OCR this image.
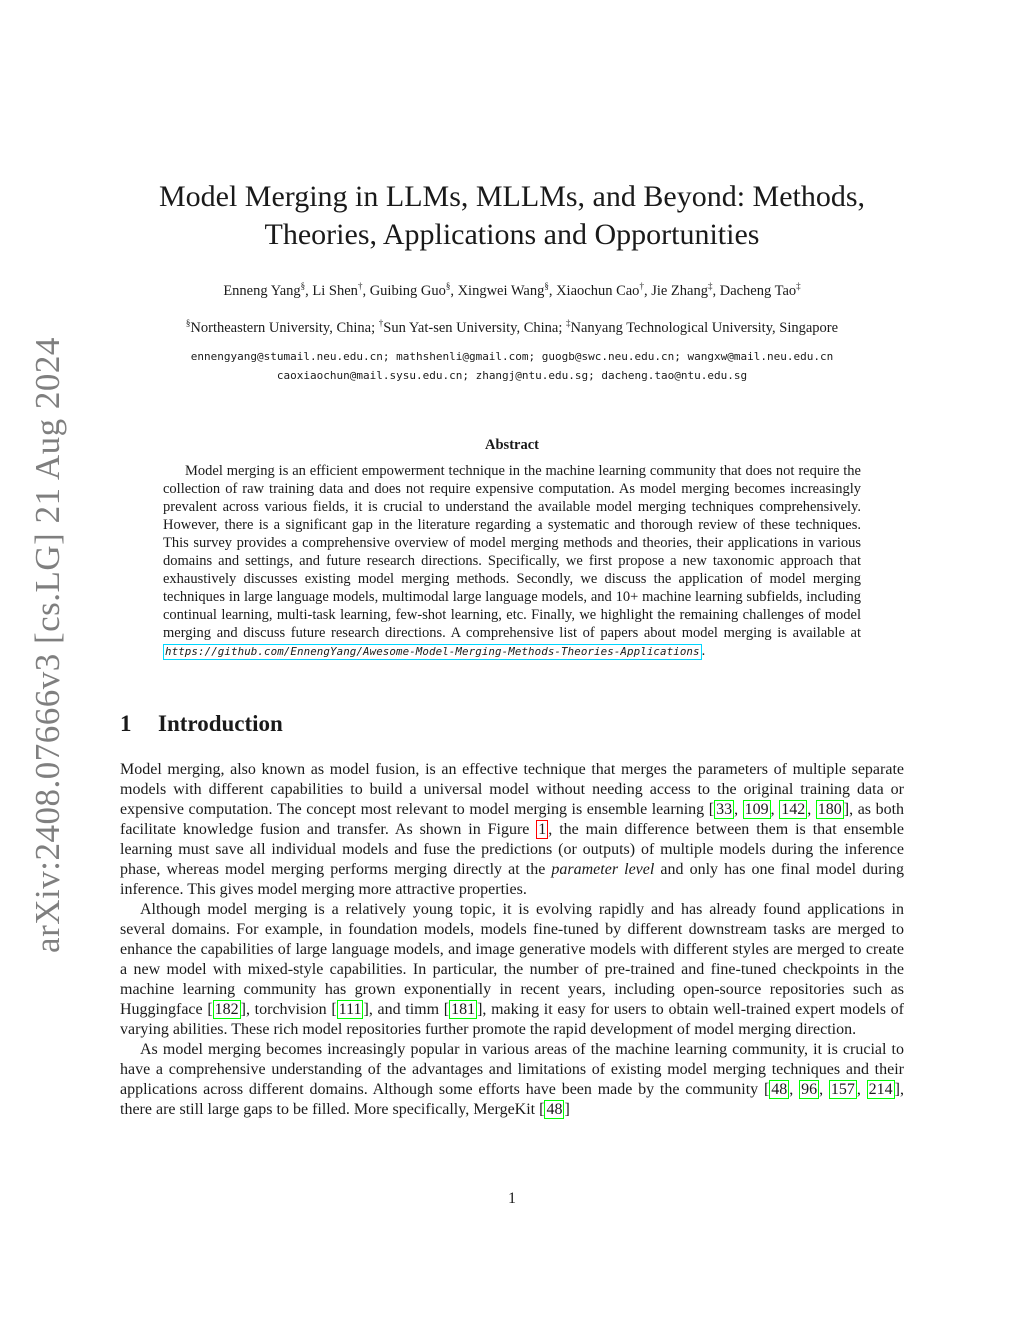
arXiv:2408.07666v3 [cs.LG] 21 Aug 2024
Model Merging in LLMs, MLLMs, and Beyond: Methods,
Theories, Applications and Opportunities
Enneng Yang§, Li Shen†, Guibing Guo§, Xingwei Wang§, Xiaochun Cao†, Jie Zhang‡, Dacheng Tao‡
§Northeastern University, China; †Sun Yat-sen University, China; ‡Nanyang Technological University, Singapore
ennengyang@stumail.neu.edu.cn; mathshenli@gmail.com; guogb@swc.neu.edu.cn; wangxw@mail.neu.edu.cn
caoxiaochun@mail.sysu.edu.cn; zhangj@ntu.edu.sg; dacheng.tao@ntu.edu.sg
Abstract

Model merging is an efficient empowerment technique in the machine learning community that does not require the collection of raw training data and does not require expensive computation. As model merging becomes increasingly prevalent across various fields, it is crucial to understand the available model merging techniques comprehensively. However, there is a significant gap in the literature regarding a systematic and thorough review of these techniques. This survey provides a comprehensive overview of model merging methods and theories, their applications in various domains and settings, and future research directions. Specifically, we first propose a new taxonomic approach that exhaustively discusses existing model merging methods. Secondly, we discuss the application of model merging techniques in large language models, multimodal large language models, and 10+ machine learning subfields, including continual learning, multi-task learning, few-shot learning, etc. Finally, we highlight the remaining challenges of model merging and discuss future research directions. A comprehensive list of papers about model merging is available at https://github.com/EnnengYang/Awesome-Model-Merging-Methods-Theories-Applications .

1 Introduction

Model merging, also known as model fusion, is an effective technique that merges the parameters of multiple separate models with different capabilities to build a universal model without needing access to the original training data or expensive computation. The concept most relevant to model merging is ensemble learning [ 33 , 109 , 142 , 180 ], as both facilitate knowledge fusion and transfer. As shown in Figure 1 , the main difference between them is that ensemble learning must save all individual models and fuse the predictions (or outputs) of multiple models during the inference phase, whereas model merging performs merging directly at the parameter level and only has one final model during inference. This gives model merging more attractive properties.

Although model merging is a relatively young topic, it is evolving rapidly and has already found applications in several domains. For example, in foundation models, models fine-tuned by different downstream tasks are merged to enhance the capabilities of large language models, and image generative models with different styles are merged to create a new model with mixed-style capabilities. In particular, the number of pre-trained and fine-tuned checkpoints in the machine learning community has grown exponentially in recent years, including open-source repositories such as Huggingface [ 182 ], torchvision [ 111 ], and timm [ 181 ], making it easy for users to obtain well-trained expert models of varying abilities. These rich model repositories further promote the rapid development of model merging direction.

As model merging becomes increasingly popular in various areas of the machine learning community, it is crucial to have a comprehensive understanding of the advantages and limitations of existing model merging techniques and their applications across different domains. Although some efforts have been made by the community [ 48 , 96 , 157 , 214 ], there are still large gaps to be filled. More specifically, MergeKit [ 48 ]

1
